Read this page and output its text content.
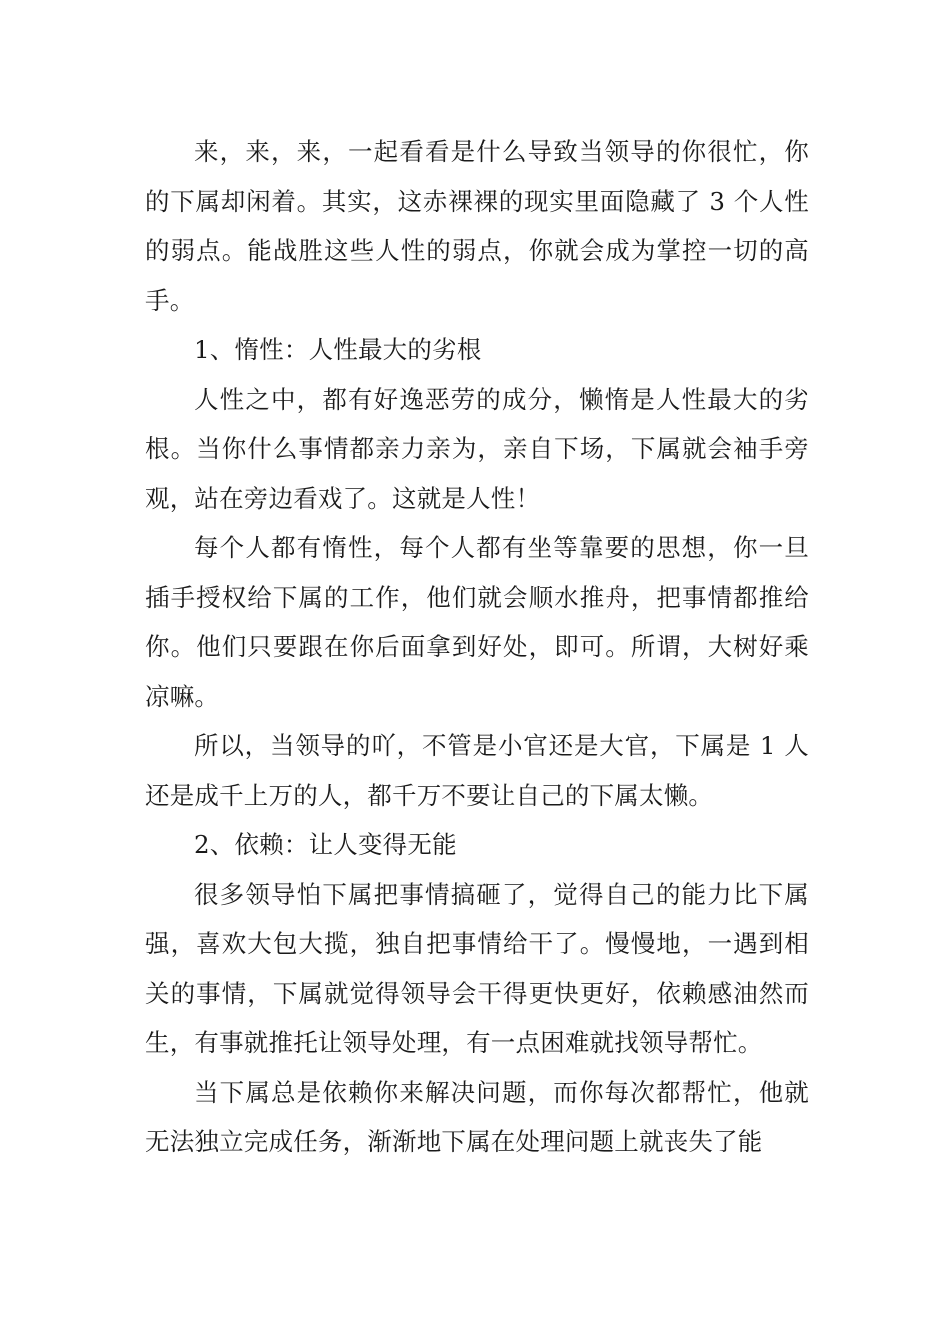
来，来，来，一起看看是什么导致当领导的你很忙，你的下属却闲着。其实，这赤裸裸的现实里面隐藏了 3 个人性的弱点。能战胜这些人性的弱点，你就会成为掌控一切的高手。

1、惰性：人性最大的劣根

人性之中，都有好逸恶劳的成分，懒惰是人性最大的劣根。当你什么事情都亲力亲为，亲自下场，下属就会袖手旁观，站在旁边看戏了。这就是人性！

每个人都有惰性，每个人都有坐等靠要的思想，你一旦插手授权给下属的工作，他们就会顺水推舟，把事情都推给你。他们只要跟在你后面拿到好处，即可。所谓，大树好乘凉嘛。

所以，当领导的吖，不管是小官还是大官，下属是 1 人还是成千上万的人，都千万不要让自己的下属太懒。

2、依赖：让人变得无能

很多领导怕下属把事情搞砸了，觉得自己的能力比下属强，喜欢大包大揽，独自把事情给干了。慢慢地，一遇到相关的事情，下属就觉得领导会干得更快更好，依赖感油然而生，有事就推托让领导处理，有一点困难就找领导帮忙。

当下属总是依赖你来解决问题，而你每次都帮忙，他就无法独立完成任务，渐渐地下属在处理问题上就丧失了能
